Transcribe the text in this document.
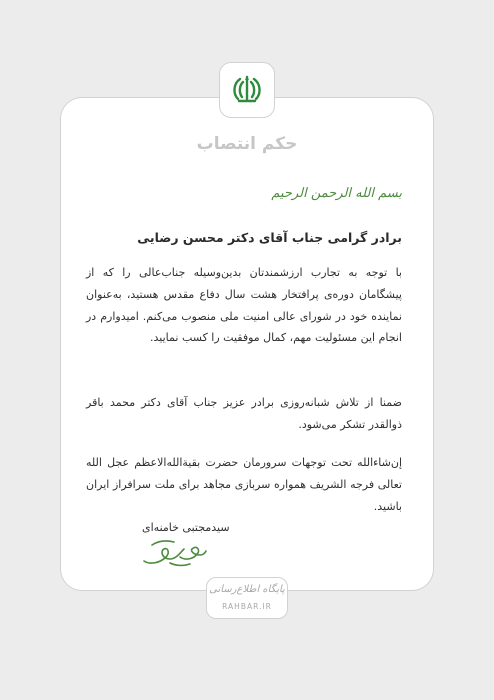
حکم انتصاب
بسم الله الرحمن الرحیم
برادر گرامی جناب آقای دکتر محسن رضایی
با توجه به تجارب ارزشمندتان بدین‌وسیله جناب‌عالی را که از پیشگامان دوره‌ی پرافتخار هشت سال دفاع مقدس هستید، به‌عنوان نماینده خود در شورای عالی امنیت ملی منصوب می‌کنم. امیدوارم در انجام این مسئولیت مهم، کمال موفقیت را کسب نمایید.
ضمنا از تلاش شبانه‌روزی برادر عزیز جناب آقای دکتر محمد باقر ذوالقدر تشکر می‌شود.
إن‌شاءالله تحت توجهات سرورمان حضرت بقیةالله‌الاعظم عجل الله تعالی فرجه الشریف همواره سربازی مجاهد برای ملت سرافراز ایران باشید.
سیدمجتبی خامنه‌ای
پایگاه اطلاع‌رسانی
RAHBAR.IR
